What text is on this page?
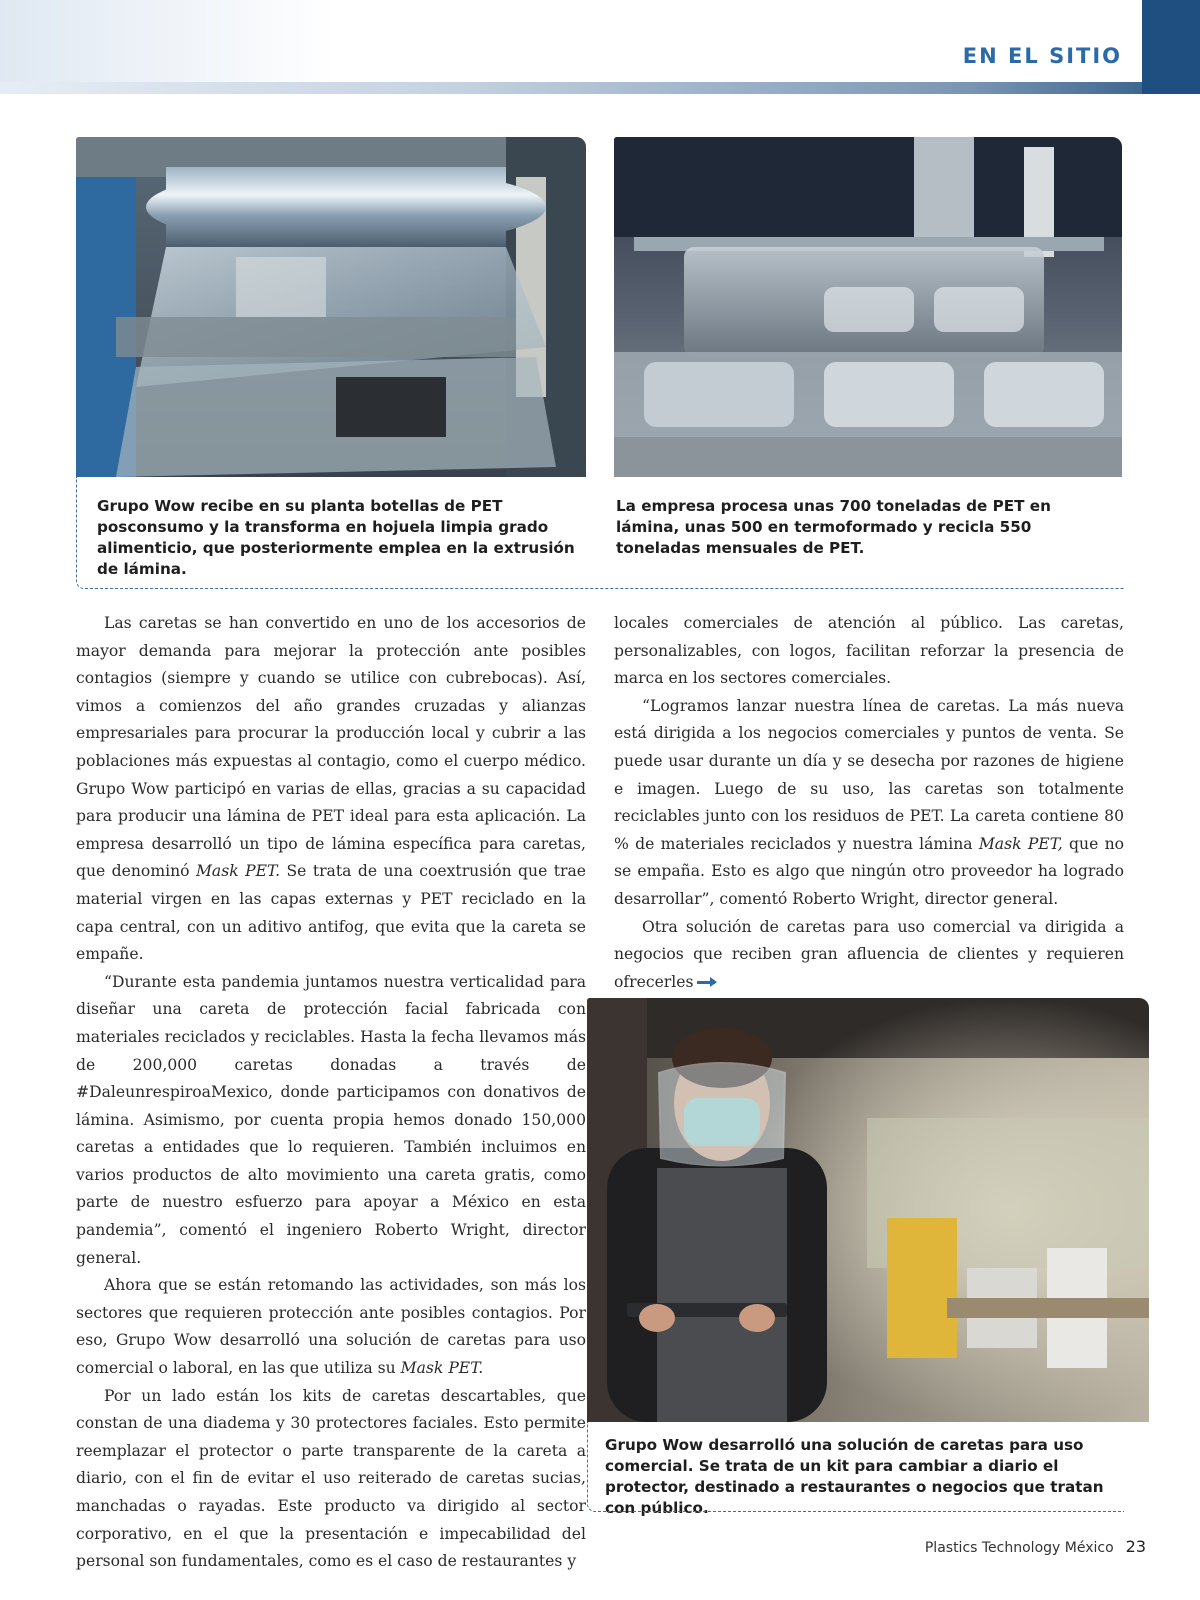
EN EL SITIO

Grupo Wow recibe en su planta botellas de PET posconsumo y la transforma en hojuela limpia grado alimenticio, que posteriormente emplea en la extrusión de lámina.

La empresa procesa unas 700 toneladas de PET en lámina, unas 500 en termoformado y recicla 550 toneladas mensuales de PET.

Las caretas se han convertido en uno de los accesorios de mayor demanda para mejorar la protección ante posibles contagios (siempre y cuando se utilice con cubrebocas). Así, vimos a comienzos del año grandes cruzadas y alianzas empresariales para procurar la producción local y cubrir a las poblaciones más expuestas al contagio, como el cuerpo médico. Grupo Wow participó en varias de ellas, gracias a su capacidad para producir una lámina de PET ideal para esta aplicación. La empresa desarrolló un tipo de lámina específica para caretas, que denominó Mask PET. Se trata de una coextrusión que trae material virgen en las capas externas y PET reciclado en la capa central, con un aditivo antifog, que evita que la careta se empañe.

“Durante esta pandemia juntamos nuestra verticalidad para diseñar una careta de protección facial fabricada con materiales reciclados y reciclables. Hasta la fecha llevamos más de 200,000 caretas donadas a través de #DaleunrespiroaMexico, donde participamos con donativos de lámina. Asimismo, por cuenta propia hemos donado 150,000 caretas a entidades que lo requieren. También incluimos en varios productos de alto movimiento una careta gratis, como parte de nuestro esfuerzo para apoyar a México en esta pandemia”, comentó el ingeniero Roberto Wright, director general.

Ahora que se están retomando las actividades, son más los sectores que requieren protección ante posibles contagios. Por eso, Grupo Wow desarrolló una solución de caretas para uso comercial o laboral, en las que utiliza su Mask PET.

Por un lado están los kits de caretas descartables, que constan de una diadema y 30 protectores faciales. Esto permite reemplazar el protector o parte transparente de la careta a diario, con el fin de evitar el uso reiterado de caretas sucias, manchadas o rayadas. Este producto va dirigido al sector corporativo, en el que la presentación e impecabilidad del personal son fundamentales, como es el caso de restaurantes y

locales comerciales de atención al público. Las caretas, personalizables, con logos, facilitan reforzar la presencia de marca en los sectores comerciales.

“Logramos lanzar nuestra línea de caretas. La más nueva está dirigida a los negocios comerciales y puntos de venta. Se puede usar durante un día y se desecha por razones de higiene e imagen. Luego de su uso, las caretas son totalmente reciclables junto con los residuos de PET. La careta contiene 80 % de materiales reciclados y nuestra lámina Mask PET, que no se empaña. Esto es algo que ningún otro proveedor ha logrado desarrollar”, comentó Roberto Wright, director general.

Otra solución de caretas para uso comercial va dirigida a negocios que reciben gran afluencia de clientes y requieren ofrecerles

Grupo Wow desarrolló una solución de caretas para uso comercial. Se trata de un kit para cambiar a diario el protector, destinado a restaurantes o negocios que tratan con público.

Plastics Technology México 23
